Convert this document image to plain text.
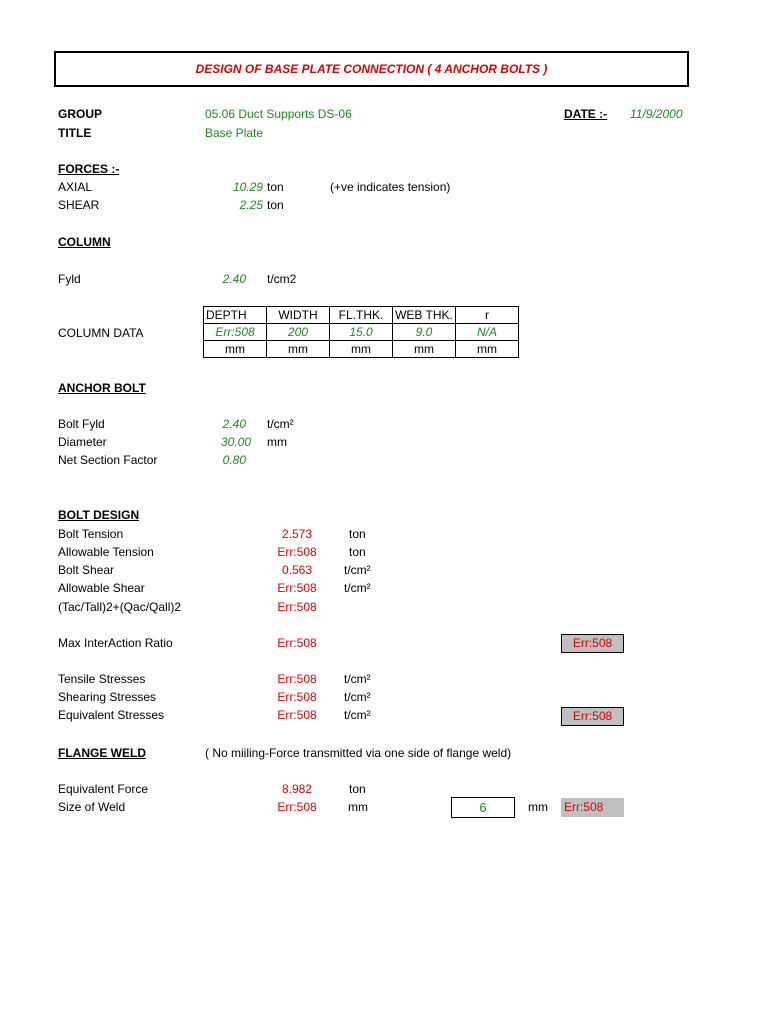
DESIGN OF BASE PLATE CONNECTION ( 4 ANCHOR BOLTS )
GROUP	05.06 Duct Supports DS-06	DATE :- 11/9/2000
TITLE	Base Plate
FORCES :-
AXIAL	10.29 ton	(+ve indicates tension)
SHEAR	2.25 ton
COLUMN
Fyld	2.40 t/cm2
COLUMN DATA
DEPTH	WIDTH	FL.THK.	WEB THK.	r
Err:508	200	15.0	9.0	N/A
mm	mm	mm	mm	mm
ANCHOR BOLT
Bolt Fyld	2.40 t/cm²
Diameter	30.00 mm
Net Section Factor	0.80
BOLT DESIGN
Bolt Tension	2.573	ton
Allowable Tension	Err:508	ton
Bolt Shear	0.563	t/cm²
Allowable Shear	Err:508	t/cm²
(Tac/Tall)2+(Qac/Qall)2	Err:508
Max InterAction Ratio	Err:508	Err:508
Tensile Stresses	Err:508	t/cm²
Shearing Stresses	Err:508	t/cm²
Equivalent Stresses	Err:508	t/cm²	Err:508
FLANGE WELD	( No miiling-Force transmitted via one side of flange weld)
Equivalent Force	8.982	ton
Size of Weld	Err:508	mm	6	mm Err:508
